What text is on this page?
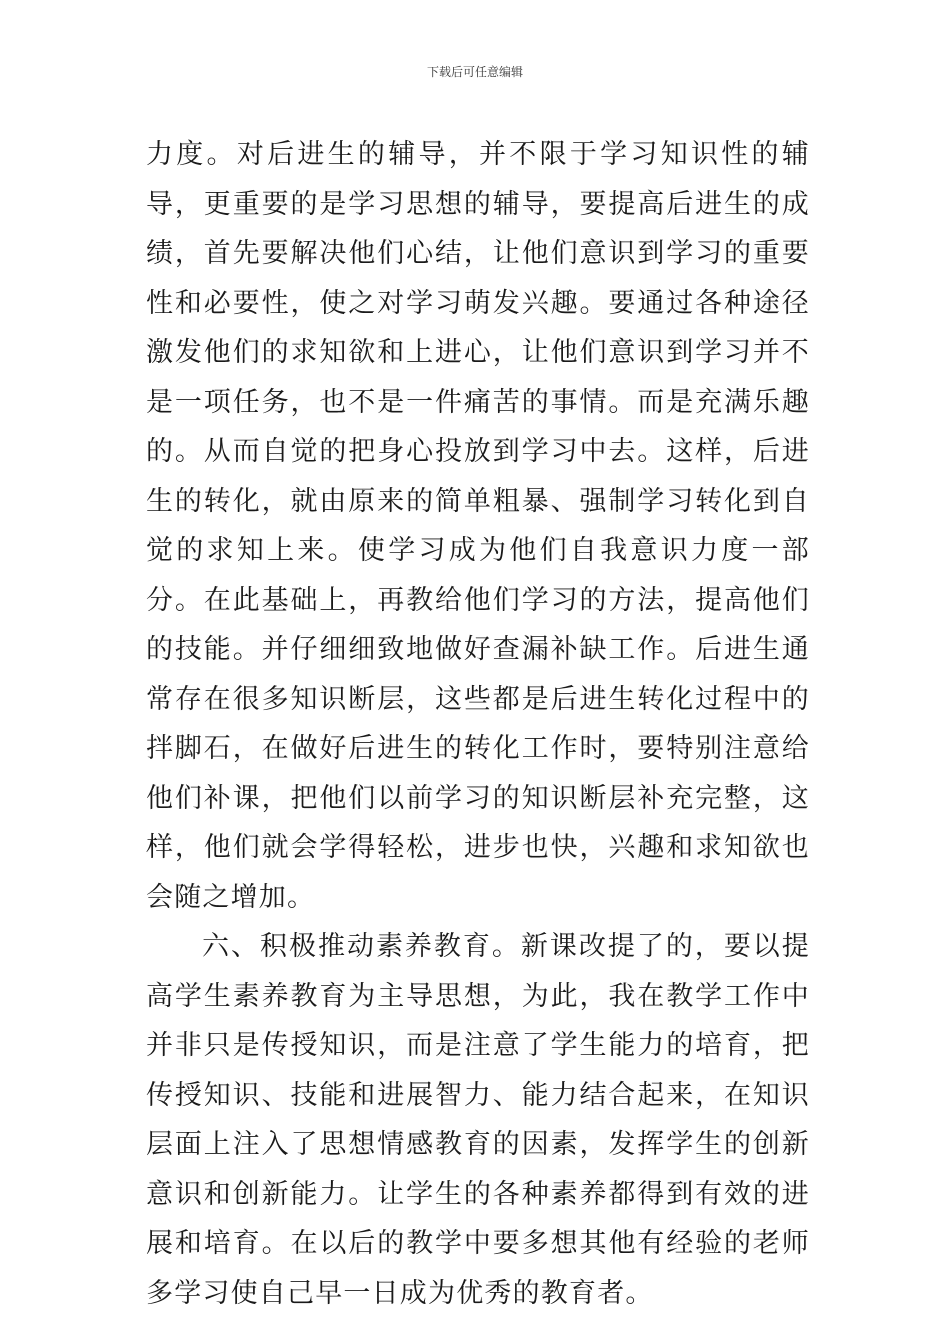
下载后可任意编辑

力度。对后进生的辅导，并不限于学习知识性的辅导，更重要的是学习思想的辅导，要提高后进生的成绩，首先要解决他们心结，让他们意识到学习的重要性和必要性，使之对学习萌发兴趣。要通过各种途径激发他们的求知欲和上进心，让他们意识到学习并不是一项任务，也不是一件痛苦的事情。而是充满乐趣的。从而自觉的把身心投放到学习中去。这样，后进生的转化，就由原来的简单粗暴、强制学习转化到自觉的求知上来。使学习成为他们自我意识力度一部分。在此基础上，再教给他们学习的方法，提高他们的技能。并仔细细致地做好查漏补缺工作。后进生通常存在很多知识断层，这些都是后进生转化过程中的拌脚石，在做好后进生的转化工作时，要特别注意给他们补课，把他们以前学习的知识断层补充完整，这样，他们就会学得轻松，进步也快，兴趣和求知欲也会随之增加。

六、积极推动素养教育。新课改提了的，要以提高学生素养教育为主导思想，为此，我在教学工作中并非只是传授知识，而是注意了学生能力的培育，把传授知识、技能和进展智力、能力结合起来，在知识层面上注入了思想情感教育的因素，发挥学生的创新意识和创新能力。让学生的各种素养都得到有效的进展和培育。在以后的教学中要多想其他有经验的老师多学习使自己早一日成为优秀的教育者。
